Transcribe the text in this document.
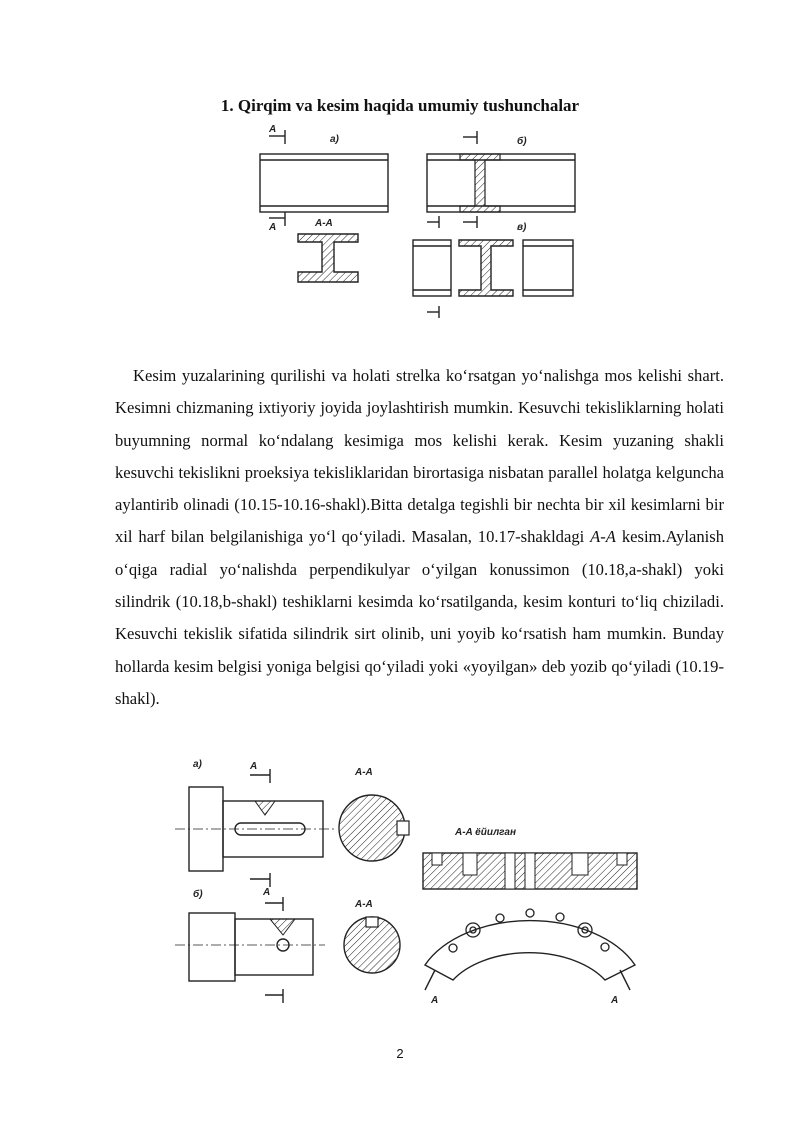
1. Qirqim va kesim haqida umumiy tushunchalar
A
A
a)
A-A
б)
в)

Kesim yuzalarining qurilishi va holati strelka ko‘rsatgan yo‘nalishga mos kelishi shart. Kesimni chizmaning ixtiyoriy joyida joylashtirish mumkin. Kesuvchi tekisliklarning holati buyumning normal ko‘ndalang kesimiga mos kelishi kerak. Kesim yuzaning shakli kesuvchi tekislikni proeksiya tekisliklaridan birortasiga nisbatan parallel holatga kelguncha aylantirib olinadi (10.15-10.16-shakl).Bitta detalga tegishli bir nechta bir xil kesimlarni bir xil harf bilan belgilanishiga yo‘l qo‘yiladi. Masalan, 10.17-shakldagi A-A kesim.Aylanish o‘qiga radial yo‘nalishda perpendikulyar o‘yilgan konussimon (10.18,a-shakl) yoki silindrik (10.18,b-shakl) teshiklarni kesimda ko‘rsatilganda, kesim konturi to‘liq chiziladi. Kesuvchi tekislik sifatida silindrik sirt olinib, uni yoyib ko‘rsatish ham mumkin. Bunday hollarda kesim belgisi yoniga belgisi qo‘yiladi yoki «yoyilgan» deb yozib qo‘yiladi (10.19-shakl).

a)	A
A-A
б)	A
A-A
A-A ёйилган
A	A
2
